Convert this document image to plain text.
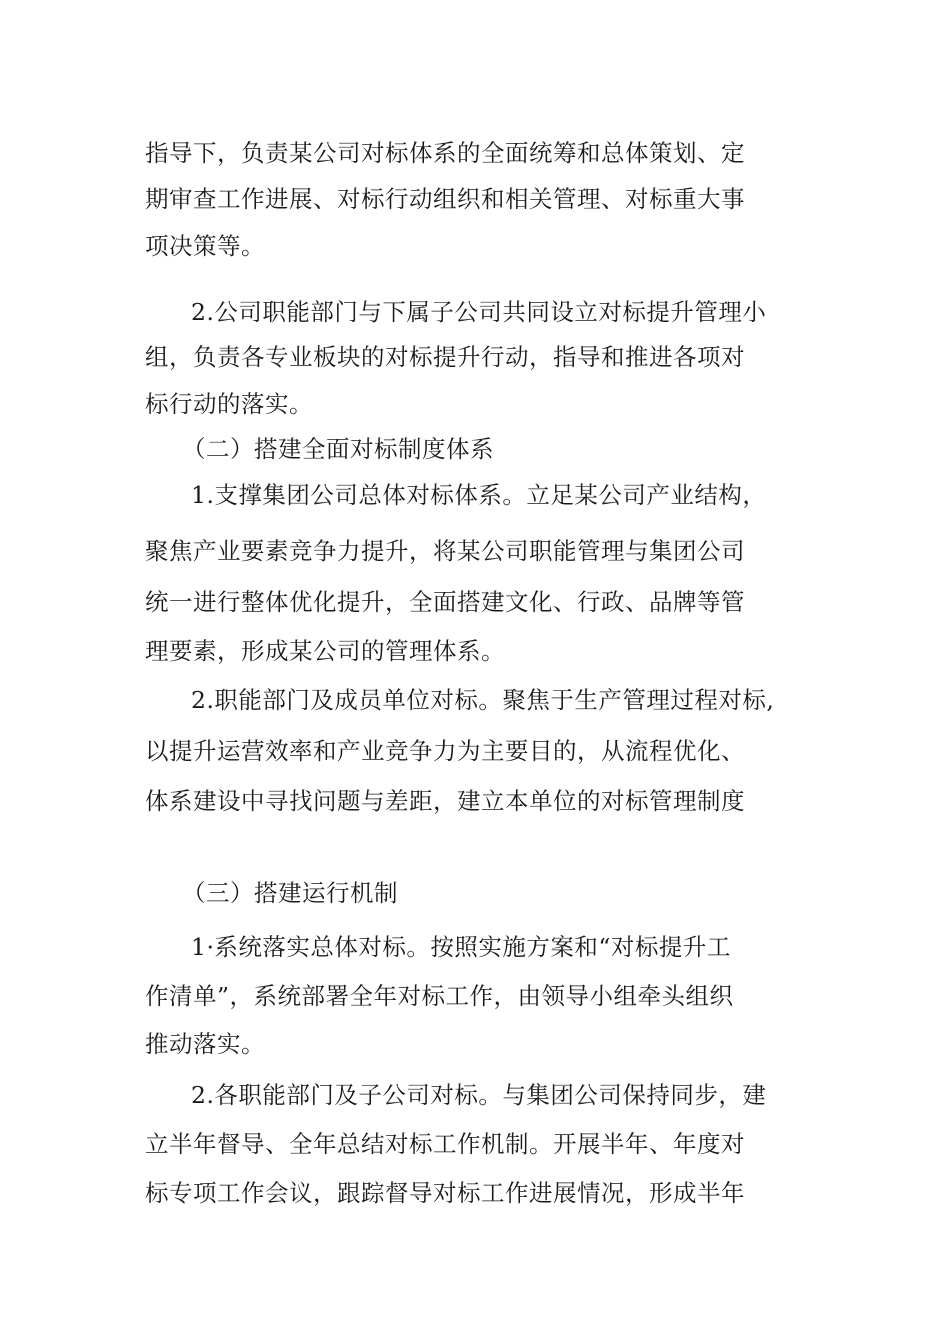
指导下，负责某公司对标体系的全面统筹和总体策划、定
期审查工作进展、对标行动组织和相关管理、对标重大事
项决策等。
2.公司职能部门与下属子公司共同设立对标提升管理小
组，负责各专业板块的对标提升行动，指导和推进各项对
标行动的落实。
（二）搭建全面对标制度体系
1.支撑集团公司总体对标体系。立足某公司产业结构，
聚焦产业要素竞争力提升，将某公司职能管理与集团公司
统一进行整体优化提升，全面搭建文化、行政、品牌等管
理要素，形成某公司的管理体系。
2.职能部门及成员单位对标。聚焦于生产管理过程对标,
以提升运营效率和产业竞争力为主要目的，从流程优化、
体系建设中寻找问题与差距，建立本单位的对标管理制度
（三）搭建运行机制
1·系统落实总体对标。按照实施方案和“对标提升工
作清单”，系统部署全年对标工作，由领导小组牵头组织
推动落实。
2.各职能部门及子公司对标。与集团公司保持同步，建
立半年督导、全年总结对标工作机制。开展半年、年度对
标专项工作会议，跟踪督导对标工作进展情况，形成半年
